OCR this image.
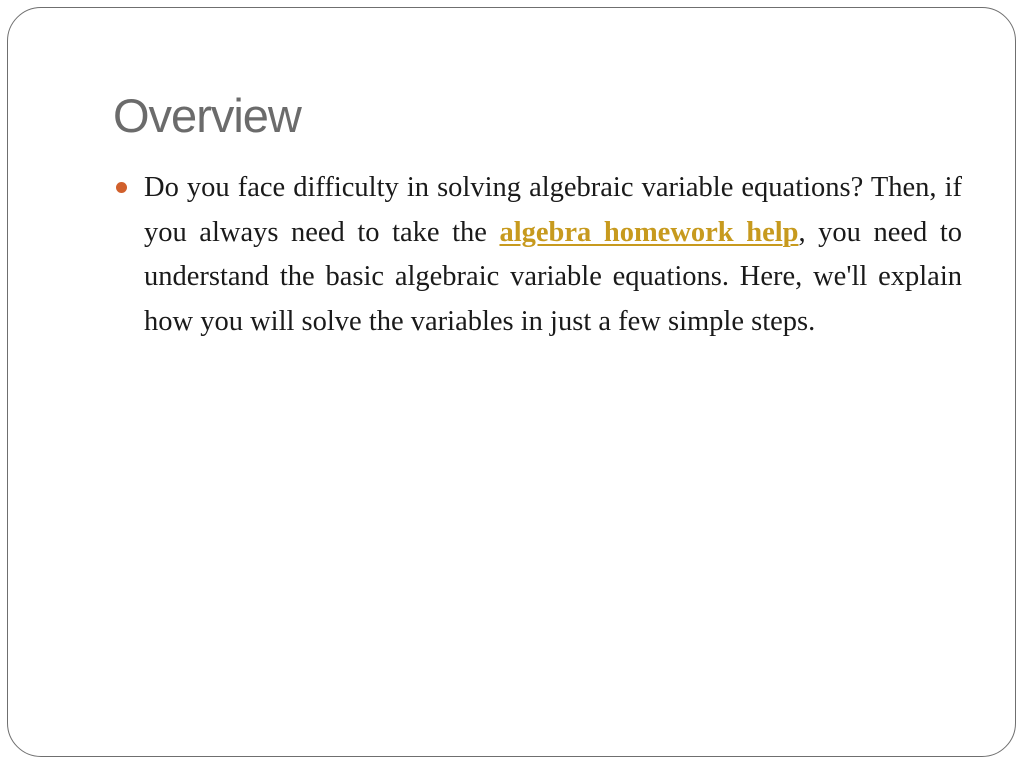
Overview

Do you face difficulty in solving algebraic variable equations? Then, if you always need to take the algebra homework help, you need to understand the basic algebraic variable equations. Here, we'll explain how you will solve the variables in just a few simple steps.
